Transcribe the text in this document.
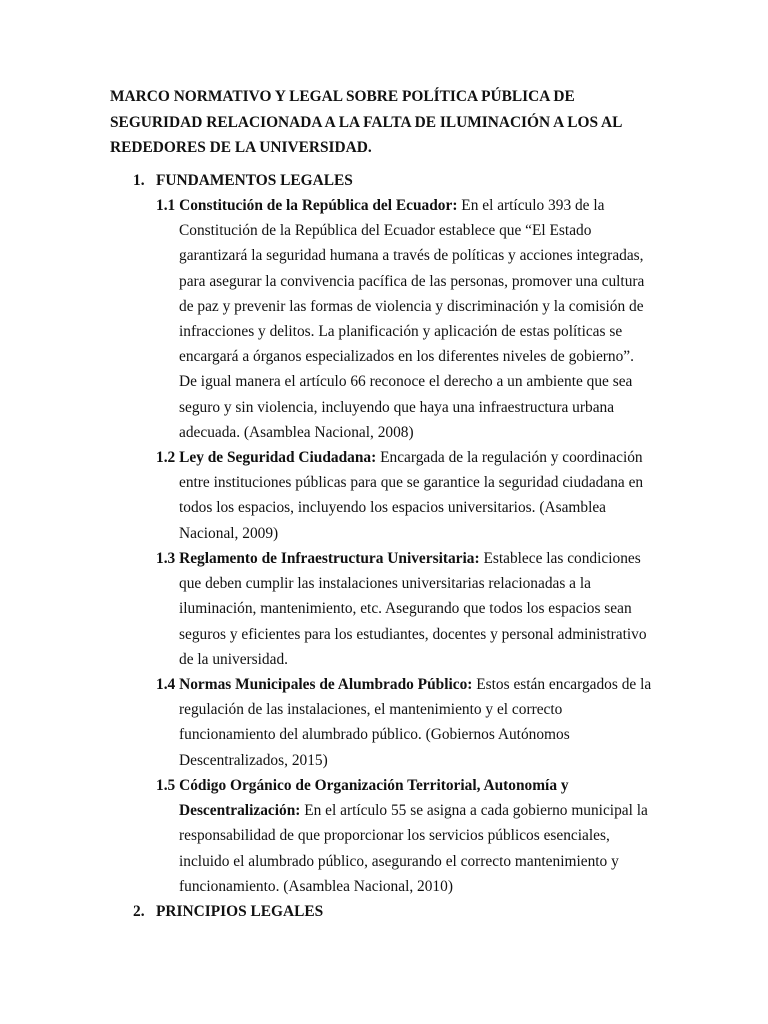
MARCO NORMATIVO Y LEGAL SOBRE POLÍTICA PÚBLICA DE
SEGURIDAD RELACIONADA A LA FALTA DE ILUMINACIÓN A LOS AL
REDEDORES DE LA UNIVERSIDAD.
1. FUNDAMENTOS LEGALES
1.1 Constitución de la República del Ecuador: En el artículo 393 de la
Constitución de la República del Ecuador establece que “El Estado
garantizará la seguridad humana a través de políticas y acciones integradas,
para asegurar la convivencia pacífica de las personas, promover una cultura
de paz y prevenir las formas de violencia y discriminación y la comisión de
infracciones y delitos. La planificación y aplicación de estas políticas se
encargará a órganos especializados en los diferentes niveles de gobierno”.
De igual manera el artículo 66 reconoce el derecho a un ambiente que sea
seguro y sin violencia, incluyendo que haya una infraestructura urbana
adecuada. (Asamblea Nacional, 2008)
1.2 Ley de Seguridad Ciudadana: Encargada de la regulación y coordinación
entre instituciones públicas para que se garantice la seguridad ciudadana en
todos los espacios, incluyendo los espacios universitarios. (Asamblea
Nacional, 2009)
1.3 Reglamento de Infraestructura Universitaria: Establece las condiciones
que deben cumplir las instalaciones universitarias relacionadas a la
iluminación, mantenimiento, etc. Asegurando que todos los espacios sean
seguros y eficientes para los estudiantes, docentes y personal administrativo
de la universidad.
1.4 Normas Municipales de Alumbrado Público: Estos están encargados de la
regulación de las instalaciones, el mantenimiento y el correcto
funcionamiento del alumbrado público. (Gobiernos Autónomos
Descentralizados, 2015)
1.5 Código Orgánico de Organización Territorial, Autonomía y
Descentralización: En el artículo 55 se asigna a cada gobierno municipal la
responsabilidad de que proporcionar los servicios públicos esenciales,
incluido el alumbrado público, asegurando el correcto mantenimiento y
funcionamiento. (Asamblea Nacional, 2010)
2. PRINCIPIOS LEGALES
